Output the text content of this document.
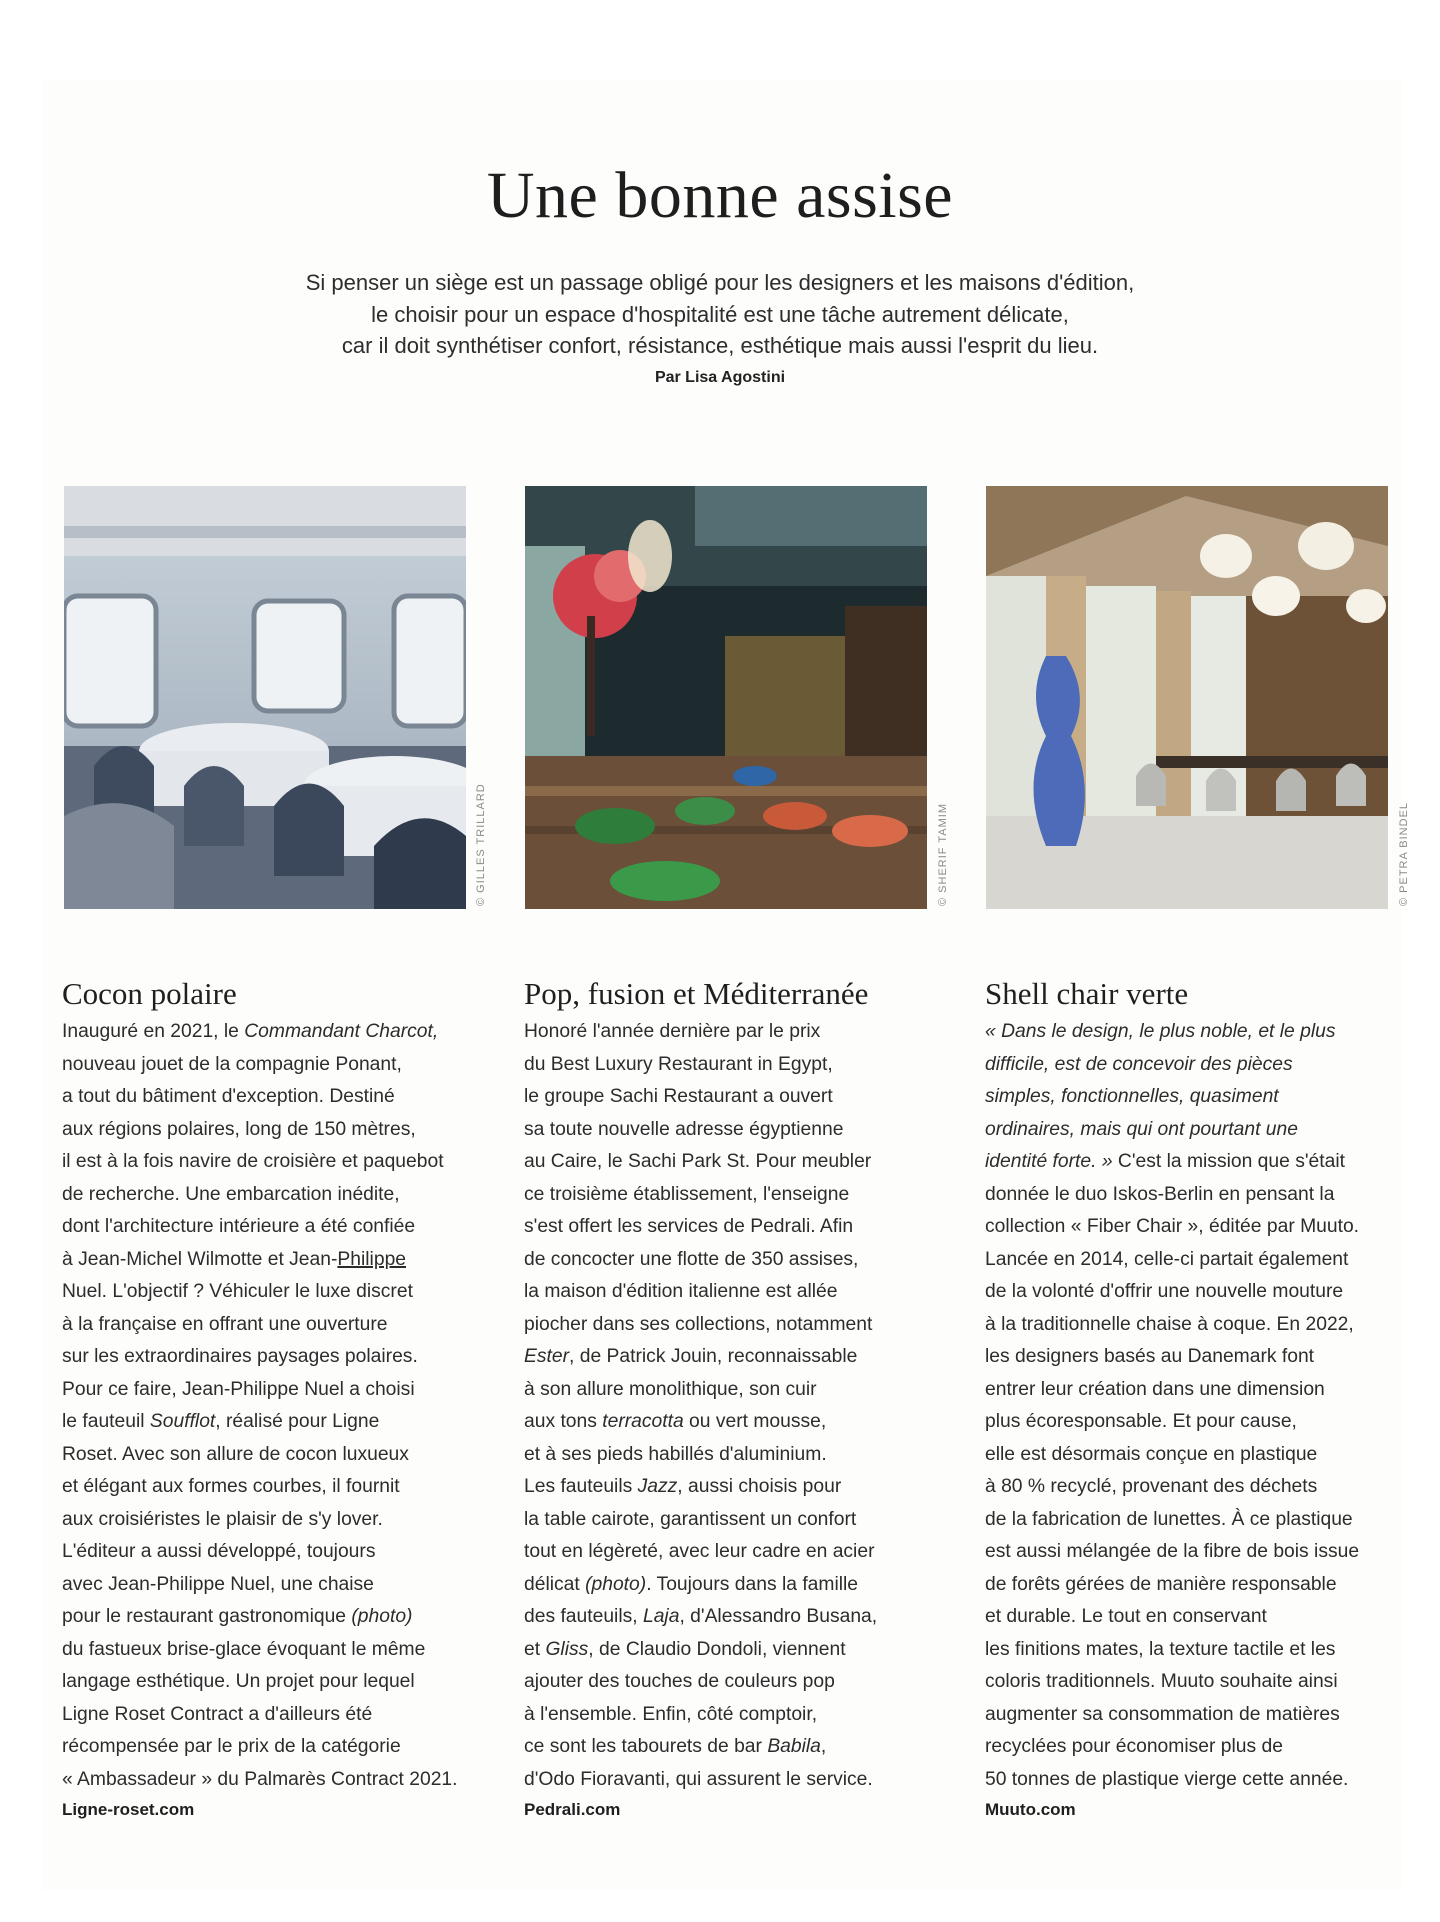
Une bonne assise
Si penser un siège est un passage obligé pour les designers et les maisons d'édition,
le choisir pour un espace d'hospitalité est une tâche autrement délicate,
car il doit synthétiser confort, résistance, esthétique mais aussi l'esprit du lieu.
Par Lisa Agostini
© GILLES TRILLARD	© SHERIF TAMIM	© PETRA BINDEL
Cocon polaire
Inauguré en 2021, le Commandant Charcot,
nouveau jouet de la compagnie Ponant,
a tout du bâtiment d'exception. Destiné
aux régions polaires, long de 150 mètres,
il est à la fois navire de croisière et paquebot
de recherche. Une embarcation inédite,
dont l'architecture intérieure a été confiée
à Jean-Michel Wilmotte et Jean-Philippe
Nuel. L'objectif ? Véhiculer le luxe discret
à la française en offrant une ouverture
sur les extraordinaires paysages polaires.
Pour ce faire, Jean-Philippe Nuel a choisi
le fauteuil Soufflot, réalisé pour Ligne
Roset. Avec son allure de cocon luxueux
et élégant aux formes courbes, il fournit
aux croisiéristes le plaisir de s'y lover.
L'éditeur a aussi développé, toujours
avec Jean-Philippe Nuel, une chaise
pour le restaurant gastronomique (photo)
du fastueux brise-glace évoquant le même
langage esthétique. Un projet pour lequel
Ligne Roset Contract a d'ailleurs été
récompensée par le prix de la catégorie
« Ambassadeur » du Palmarès Contract 2021.
Ligne-roset.com
Pop, fusion et Méditerranée
Honoré l'année dernière par le prix
du Best Luxury Restaurant in Egypt,
le groupe Sachi Restaurant a ouvert
sa toute nouvelle adresse égyptienne
au Caire, le Sachi Park St. Pour meubler
ce troisième établissement, l'enseigne
s'est offert les services de Pedrali. Afin
de concocter une flotte de 350 assises,
la maison d'édition italienne est allée
piocher dans ses collections, notamment
Ester, de Patrick Jouin, reconnaissable
à son allure monolithique, son cuir
aux tons terracotta ou vert mousse,
et à ses pieds habillés d'aluminium.
Les fauteuils Jazz, aussi choisis pour
la table cairote, garantissent un confort
tout en légèreté, avec leur cadre en acier
délicat (photo). Toujours dans la famille
des fauteuils, Laja, d'Alessandro Busana,
et Gliss, de Claudio Dondoli, viennent
ajouter des touches de couleurs pop
à l'ensemble. Enfin, côté comptoir,
ce sont les tabourets de bar Babila,
d'Odo Fioravanti, qui assurent le service.
Pedrali.com
Shell chair verte
« Dans le design, le plus noble, et le plus
difficile, est de concevoir des pièces
simples, fonctionnelles, quasiment
ordinaires, mais qui ont pourtant une
identité forte. » C'est la mission que s'était
donnée le duo Iskos-Berlin en pensant la
collection « Fiber Chair », éditée par Muuto.
Lancée en 2014, celle-ci partait également
de la volonté d'offrir une nouvelle mouture
à la traditionnelle chaise à coque. En 2022,
les designers basés au Danemark font
entrer leur création dans une dimension
plus écoresponsable. Et pour cause,
elle est désormais conçue en plastique
à 80 % recyclé, provenant des déchets
de la fabrication de lunettes. À ce plastique
est aussi mélangée de la fibre de bois issue
de forêts gérées de manière responsable
et durable. Le tout en conservant
les finitions mates, la texture tactile et les
coloris traditionnels. Muuto souhaite ainsi
augmenter sa consommation de matières
recyclées pour économiser plus de
50 tonnes de plastique vierge cette année.
Muuto.com
